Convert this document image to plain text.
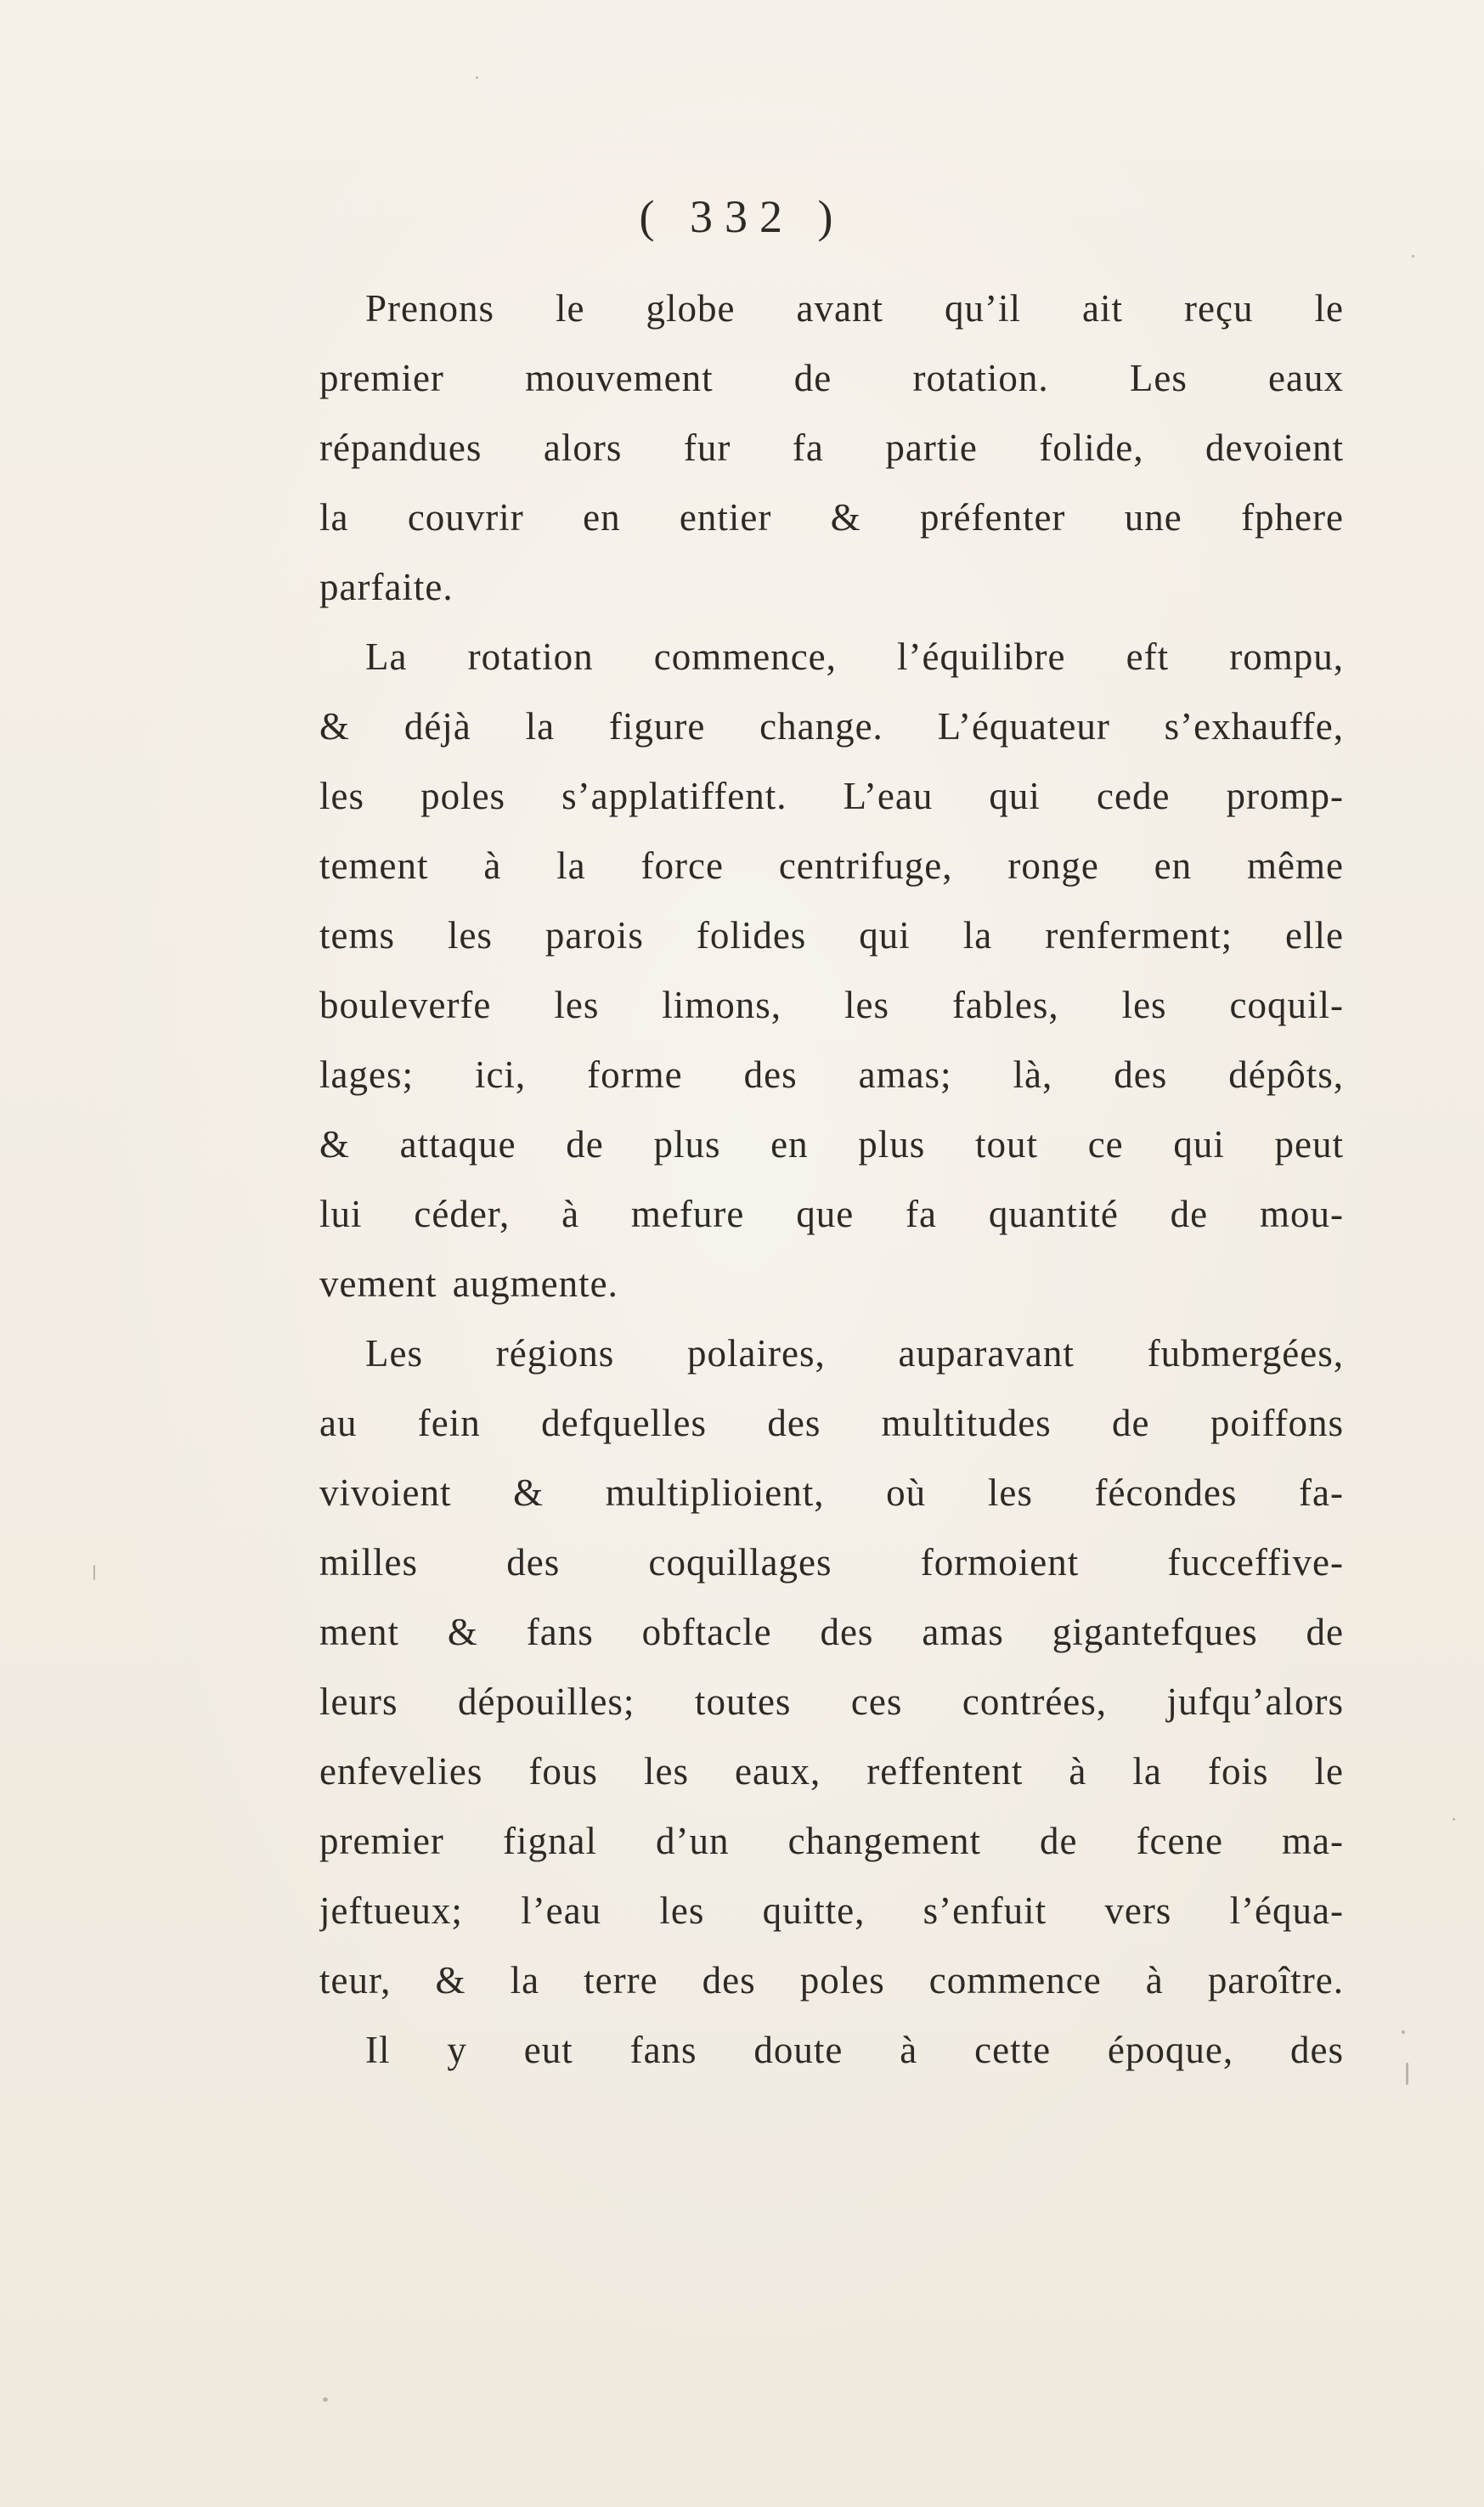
( 332 )
Prenons le globe avant qu’il ait reçu le
premier mouvement de rotation. Les eaux
répandues alors fur fa partie folide, devoient
la couvrir en entier & préfenter une fphere
parfaite.
La rotation commence, l’équilibre eft rompu,
& déjà la figure change. L’équateur s’exhauffe,
les poles s’applatiffent. L’eau qui cede promp-
tement à la force centrifuge, ronge en même
tems les parois folides qui la renferment; elle
bouleverfe les limons, les fables, les coquil-
lages; ici, forme des amas; là, des dépôts,
& attaque de plus en plus tout ce qui peut
lui céder, à mefure que fa quantité de mou-
vement augmente.
Les régions polaires, auparavant fubmergées,
au fein defquelles des multitudes de poiffons
vivoient & multiplioient, où les fécondes fa-
milles des coquillages formoient fucceffive-
ment & fans obftacle des amas gigantefques de
leurs dépouilles; toutes ces contrées, jufqu’alors
enfevelies fous les eaux, reffentent à la fois le
premier fignal d’un changement de fcene ma-
jeftueux; l’eau les quitte, s’enfuit vers l’équa-
teur, & la terre des poles commence à paroître.
Il y eut fans doute à cette époque, des
